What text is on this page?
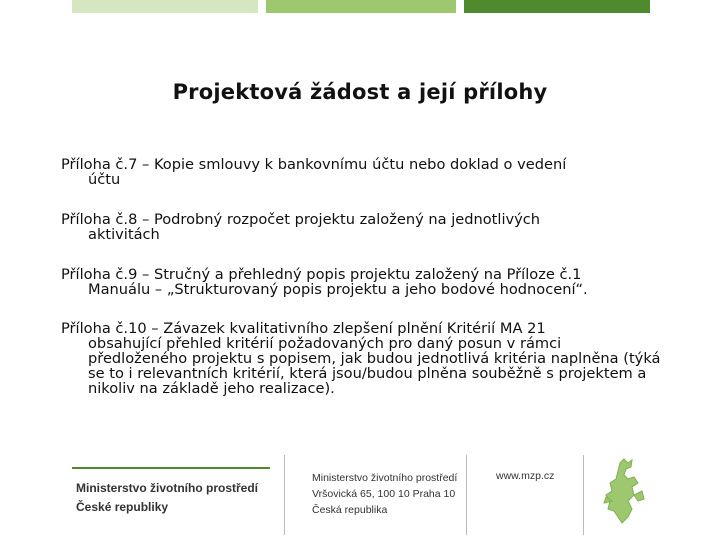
Projektová žádost a její přílohy

Příloha č.7 – Kopie smlouvy k bankovnímu účtu nebo doklad o vedení
účtu

Příloha č.8 – Podrobný rozpočet projektu založený na jednotlivých
aktivitách

Příloha č.9 – Stručný a přehledný popis projektu založený na Příloze č.1
Manuálu – „Strukturovaný popis projektu a jeho bodové hodnocení“.

Příloha č.10 – Závazek kvalitativního zlepšení plnění Kritérií MA 21
obsahující přehled kritérií požadovaných pro daný posun v rámci předloženého projektu s popisem, jak budou jednotlivá kritéria naplněna (týká se to i relevantních kritérií, která jsou/budou plněna souběžně s projektem a nikoliv na základě jeho realizace).

Ministerstvo životního prostředí
České republiky
Ministerstvo životního prostředí
Vršovická 65, 100 10 Praha 10
Česká republika
www.mzp.cz
